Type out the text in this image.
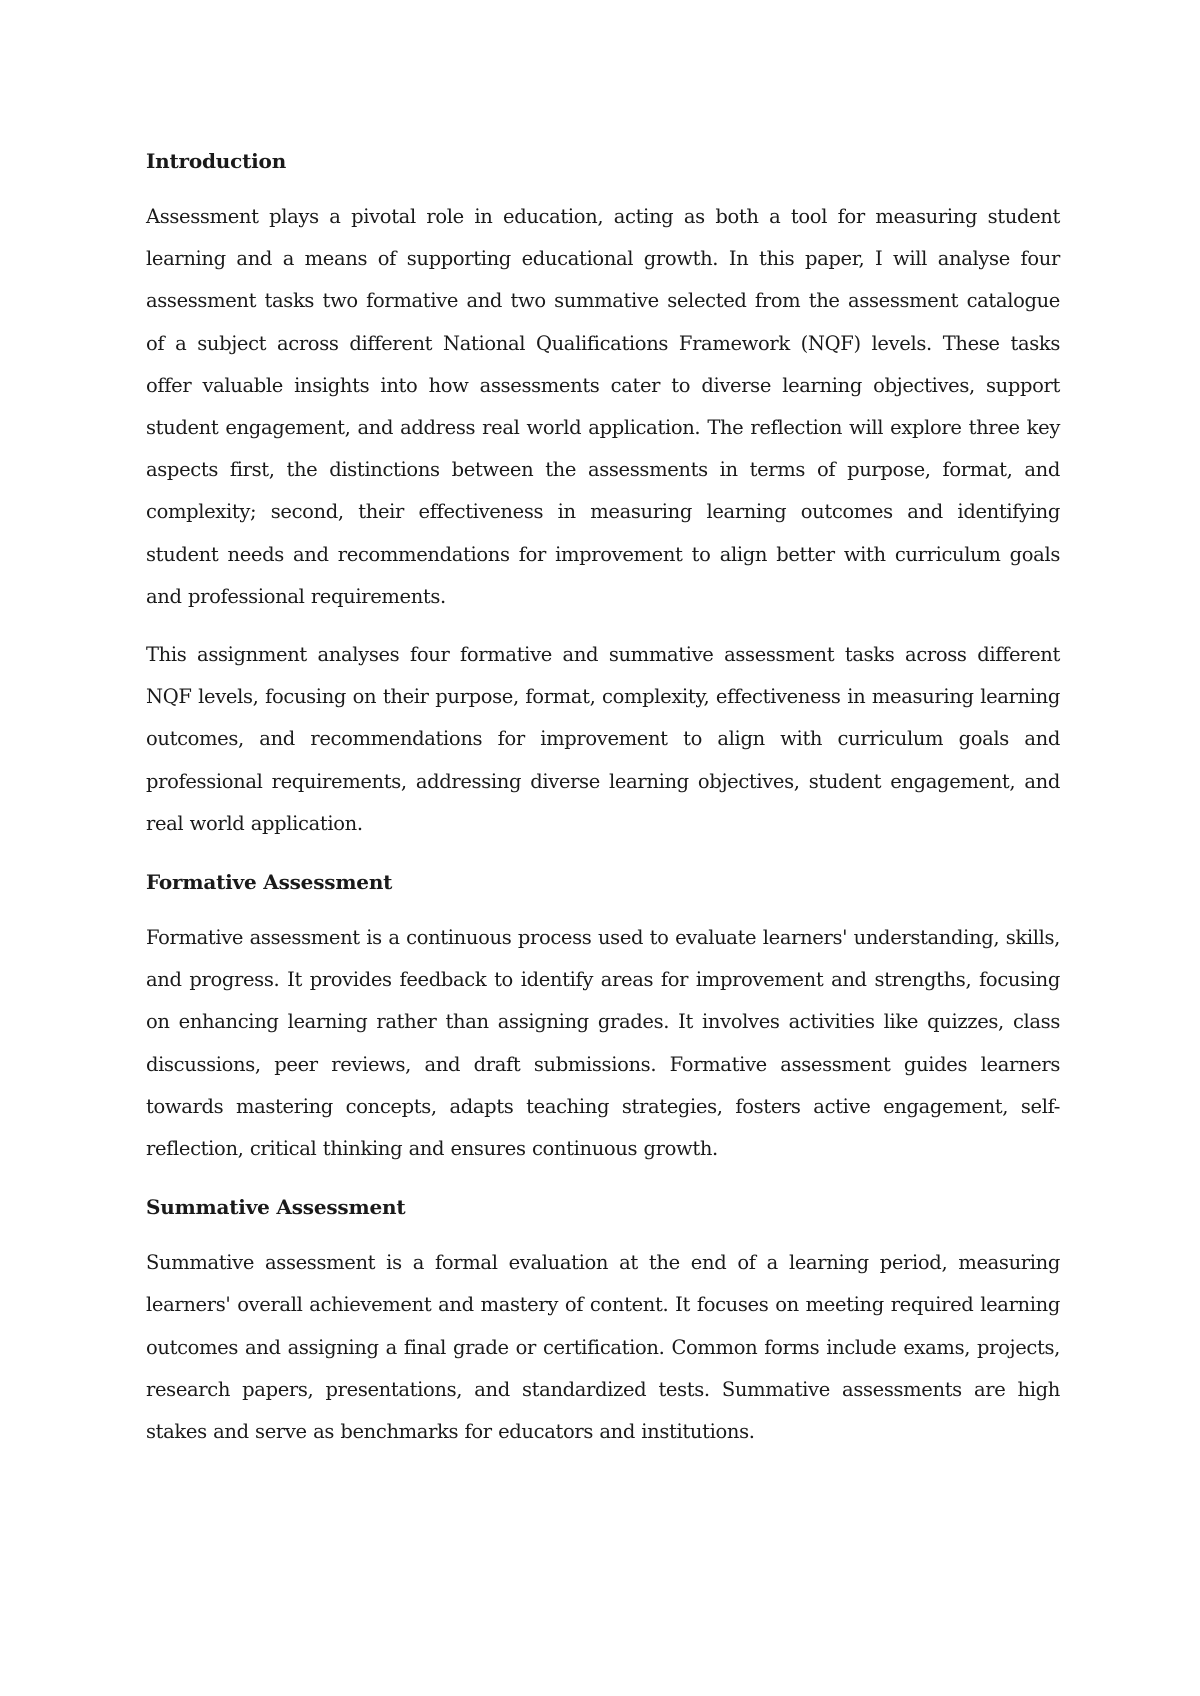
Introduction

Assessment plays a pivotal role in education, acting as both a tool for measuring student learning and a means of supporting educational growth. In this paper, I will analyse four assessment tasks two formative and two summative selected from the assessment catalogue of a subject across different National Qualifications Framework (NQF) levels. These tasks offer valuable insights into how assessments cater to diverse learning objectives, support student engagement, and address real world application. The reflection will explore three key aspects first, the distinctions between the assessments in terms of purpose, format, and complexity; second, their effectiveness in measuring learning outcomes and identifying student needs and recommendations for improvement to align better with curriculum goals and professional requirements.

This assignment analyses four formative and summative assessment tasks across different NQF levels, focusing on their purpose, format, complexity, effectiveness in measuring learning outcomes, and recommendations for improvement to align with curriculum goals and professional requirements, addressing diverse learning objectives, student engagement, and real world application.

Formative Assessment

Formative assessment is a continuous process used to evaluate learners' understanding, skills, and progress. It provides feedback to identify areas for improvement and strengths, focusing on enhancing learning rather than assigning grades. It involves activities like quizzes, class discussions, peer reviews, and draft submissions. Formative assessment guides learners towards mastering concepts, adapts teaching strategies, fosters active engagement, self-reflection, critical thinking and ensures continuous growth.

Summative Assessment

Summative assessment is a formal evaluation at the end of a learning period, measuring learners' overall achievement and mastery of content. It focuses on meeting required learning outcomes and assigning a final grade or certification. Common forms include exams, projects, research papers, presentations, and standardized tests. Summative assessments are high stakes and serve as benchmarks for educators and institutions.
